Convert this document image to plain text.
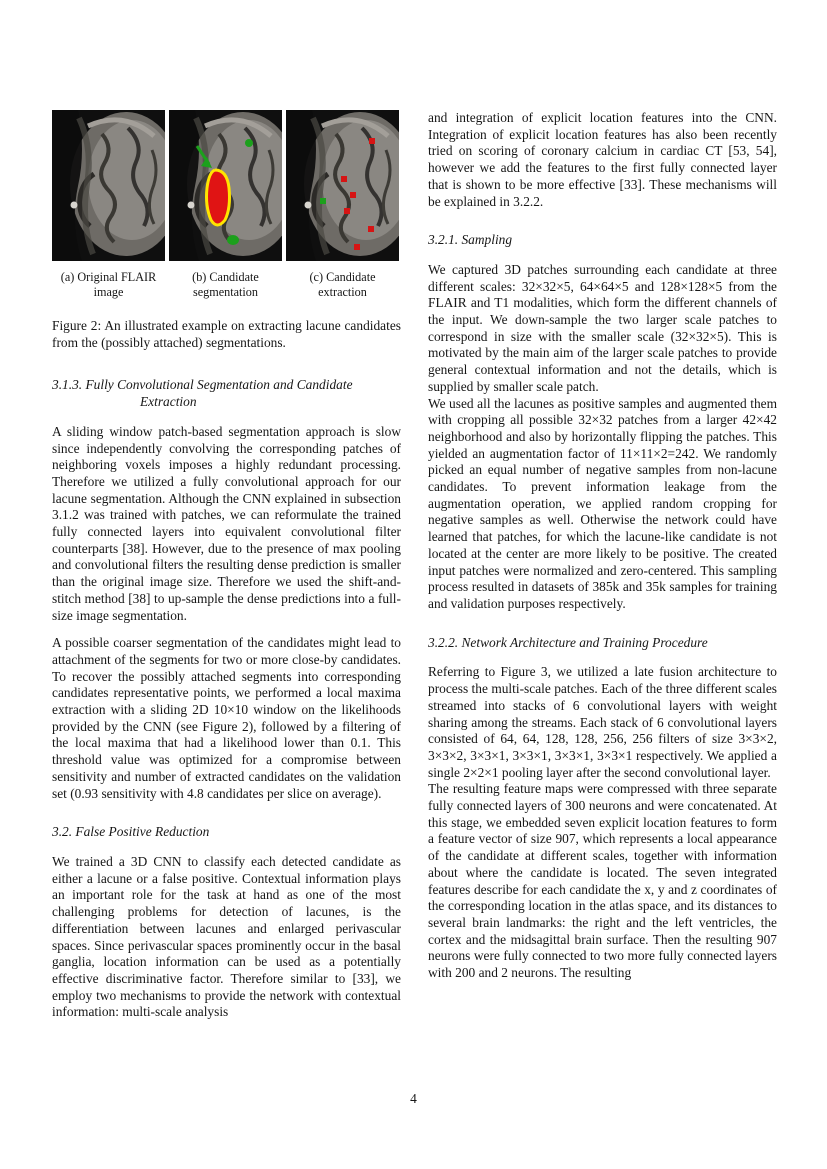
(a) Original FLAIR image
(b) Candidate segmentation
(c) Candidate extraction

Figure 2: An illustrated example on extracting lacune candidates from the (possibly attached) segmentations.

3.1.3. Fully Convolutional Segmentation and Candidate Extraction

A sliding window patch-based segmentation approach is slow since independently convolving the corresponding patches of neighboring voxels imposes a highly redundant processing. Therefore we utilized a fully convolutional approach for our lacune segmentation. Although the CNN explained in subsection 3.1.2 was trained with patches, we can reformulate the trained fully connected layers into equivalent convolutional filter counterparts [38]. However, due to the presence of max pooling and convolutional filters the resulting dense prediction is smaller than the original image size. Therefore we used the shift-and-stitch method [38] to up-sample the dense predictions into a full-size image segmentation.

A possible coarser segmentation of the candidates might lead to attachment of the segments for two or more close-by candidates. To recover the possibly attached segments into corresponding candidates representative points, we performed a local maxima extraction with a sliding 2D 10×10 window on the likelihoods provided by the CNN (see Figure 2), followed by a filtering of the local maxima that had a likelihood lower than 0.1. This threshold value was optimized for a compromise between sensitivity and number of extracted candidates on the validation set (0.93 sensitivity with 4.8 candidates per slice on average).

3.2. False Positive Reduction

We trained a 3D CNN to classify each detected candidate as either a lacune or a false positive. Contextual information plays an important role for the task at hand as one of the most challenging problems for detection of lacunes, is the differentiation between lacunes and enlarged perivascular spaces. Since perivascular spaces prominently occur in the basal ganglia, location information can be used as a potentially effective discriminative factor. Therefore similar to [33], we employ two mechanisms to provide the network with contextual information: multi-scale analysis

and integration of explicit location features into the CNN. Integration of explicit location features has also been recently tried on scoring of coronary calcium in cardiac CT [53, 54], however we add the features to the first fully connected layer that is shown to be more effective [33]. These mechanisms will be explained in 3.2.2.

3.2.1. Sampling

We captured 3D patches surrounding each candidate at three different scales: 32×32×5, 64×64×5 and 128×128×5 from the FLAIR and T1 modalities, which form the different channels of the input. We down-sample the two larger scale patches to correspond in size with the smaller scale (32×32×5). This is motivated by the main aim of the larger scale patches to provide general contextual information and not the details, which is supplied by smaller scale patch.

We used all the lacunes as positive samples and augmented them with cropping all possible 32×32 patches from a larger 42×42 neighborhood and also by horizontally flipping the patches. This yielded an augmentation factor of 11×11×2=242. We randomly picked an equal number of negative samples from non-lacune candidates. To prevent information leakage from the augmentation operation, we applied random cropping for negative samples as well. Otherwise the network could have learned that patches, for which the lacune-like candidate is not located at the center are more likely to be positive. The created input patches were normalized and zero-centered. This sampling process resulted in datasets of 385k and 35k samples for training and validation purposes respectively.

3.2.2. Network Architecture and Training Procedure

Referring to Figure 3, we utilized a late fusion architecture to process the multi-scale patches. Each of the three different scales streamed into stacks of 6 convolutional layers with weight sharing among the streams. Each stack of 6 convolutional layers consisted of 64, 64, 128, 128, 256, 256 filters of size 3×3×2, 3×3×2, 3×3×1, 3×3×1, 3×3×1, 3×3×1 respectively. We applied a single 2×2×1 pooling layer after the second convolutional layer.

The resulting feature maps were compressed with three separate fully connected layers of 300 neurons and were concatenated. At this stage, we embedded seven explicit location features to form a feature vector of size 907, which represents a local appearance of the candidate at different scales, together with information about where the candidate is located. The seven integrated features describe for each candidate the x, y and z coordinates of the corresponding location in the atlas space, and its distances to several brain landmarks: the right and the left ventricles, the cortex and the midsagittal brain surface. Then the resulting 907 neurons were fully connected to two more fully connected layers with 200 and 2 neurons. The resulting

4
